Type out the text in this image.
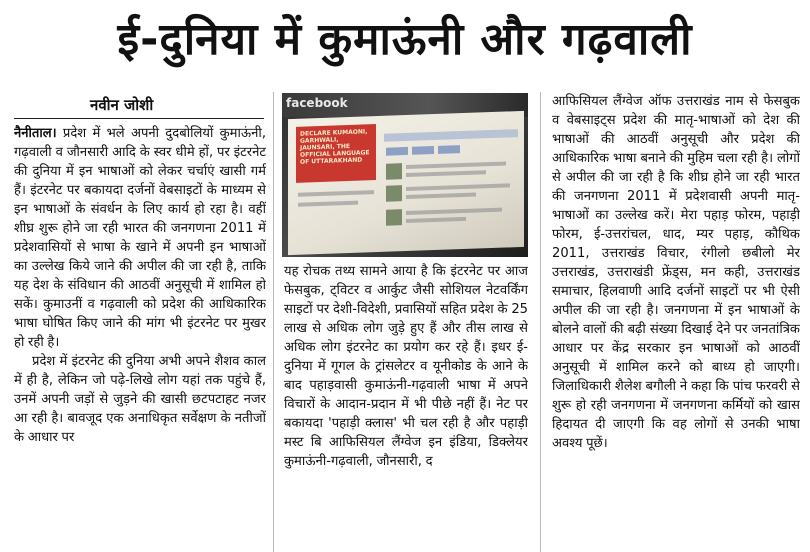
ई-दुनिया में कुमाऊंनी और गढ़वाली
नवीन जोशी

नैनीताल। प्रदेश में भले अपनी दुदबोलियों कुमाऊंनी, गढ़वाली व जौनसारी आदि के स्वर धीमे हों, पर इंटरनेट की दुनिया में इन भाषाओं को लेकर चर्चाएं खासी गर्म हैं। इंटरनेट पर बकायदा दर्जनों वेबसाइटों के माध्यम से इन भाषाओं के संवर्धन के लिए कार्य हो रहा है। वहीं शीघ्र शुरू होने जा रही भारत की जनगणना 2011 में प्रदेशवासियों से भाषा के खाने में अपनी इन भाषाओं का उल्लेख किये जाने की अपील की जा रही है, ताकि यह देश के संविधान की आठवीं अनुसूची में शामिल हो सकें। कुमाउनीं व गढ़वाली को प्रदेश की आधिकारिक भाषा घोषित किए जाने की मांग भी इंटरनेट पर मुखर हो रही है।

प्रदेश में इंटरनेट की दुनिया अभी अपने शैशव काल में ही है, लेकिन जो पढ़े-लिखे लोग यहां तक पहुंचे हैं, उनमें अपनी जड़ों से जुड़ने की खासी छटपटाहट नजर आ रही है। बावजूद एक अनाधिकृत सर्वेक्षण के नतीजों के आधार पर

facebook
DECLARE KUMAONI, GARHWALI, JAUNSARI, THE OFFICIAL LANGUAGE OF UTTARAKHAND

यह रोचक तथ्य सामने आया है कि इंटरनेट पर आज फेसबुक, ट्विटर व आर्कुट जैसी सोशियल नेटवर्किंग साइटों पर देशी-विदेशी, प्रवासियों सहित प्रदेश के 25 लाख से अधिक लोग जुड़े हुए हैं और तीस लाख से अधिक लोग इंटरनेट का प्रयोग कर रहे हैं। इधर ई-दुनिया में गूगल के ट्रांसलेटर व यूनीकोड के आने के बाद पहाड़वासी कुमाऊंनी-गढ़वाली भाषा में अपने विचारों के आदान-प्रदान में भी पीछे नहीं हैं। नेट पर बकायदा 'पहाड़ी क्लास' भी चल रही है और पहाड़ी मस्ट बि आफिसियल लैंग्वेज इन इंडिया, डिक्लेयर कुमाऊंनी-गढ़वाली, जौनसारी, द

आफिसियल लैंग्वेज ऑफ उत्तराखंड नाम से फेसबुक व वेबसाइट्स प्रदेश की मातृ-भाषाओं को देश की भाषाओं की आठवीं अनुसूची और प्रदेश की आधिकारिक भाषा बनाने की मुहिम चला रही है। लोगों से अपील की जा रही है कि शीघ्र होने जा रही भारत की जनगणना 2011 में प्रदेशवासी अपनी मातृ-भाषाओं का उल्लेख करें। मेरा पहाड़ फोरम, पहाड़ी फोरम, ई-उत्तरांचल, धाद, म्यर पहाड़, कौथिक 2011, उत्तराखंड विचार, रंगीलो छबीलो मेर उत्तराखंड, उत्तराखंडी फ्रेंड्स, मन कही, उत्तराखंड समाचार, हिलवाणी आदि दर्जनों साइटों पर भी ऐसी अपील की जा रही है। जनगणना में इन भाषाओं के बोलने वालों की बढ़ी संख्या दिखाई देने पर जनतांत्रिक आधार पर केंद्र सरकार इन भाषाओं को आठवीं अनुसूची में शामिल करने को बाध्य हो जाएगी। जिलाधिकारी शैलेश बगौली ने कहा कि पांच फरवरी से शुरू हो रही जनगणना में जनगणना कर्मियों को खास हिदायत दी जाएगी कि वह लोगों से उनकी भाषा अवश्य पूछें।
